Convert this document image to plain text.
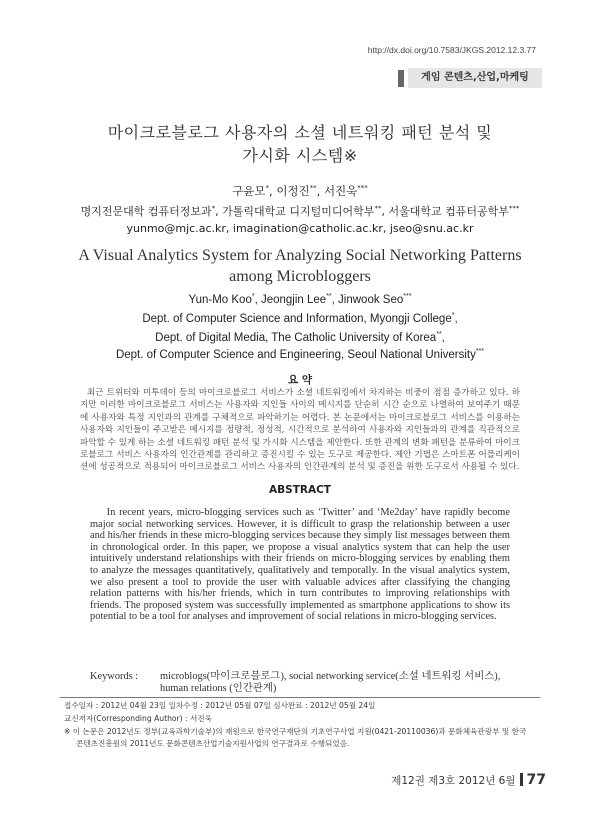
http://dx.doi.org/10.7583/JKGS.2012.12.3.77
게임 콘텐츠,산업,마케팅
마이크로블로그 사용자의 소셜 네트워킹 패턴 분석 및
가시화 시스템※
구윤모*, 이정진**, 서진욱***
명지전문대학 컴퓨터정보과*, 가톨릭대학교 디지털미디어학부**, 서울대학교 컴퓨터공학부***
yunmo@mjc.ac.kr, imagination@catholic.ac.kr, jseo@snu.ac.kr
A Visual Analytics System for Analyzing Social Networking Patterns among Microbloggers
Yun-Mo Koo*, Jeongjin Lee**, Jinwook Seo***
Dept. of Computer Science and Information, Myongji College*,
Dept. of Digital Media, The Catholic University of Korea**,
Dept. of Computer Science and Engineering, Seoul National University***
요 약
최근 트위터와 미투데이 등의 마이크로블로그 서비스가 소셜 네트워킹에서 차지하는 비중이 점점 증가하고 있다. 하지만 이러한 마이크로블로그 서비스는 사용자와 지인들 사이의 메시지를 단순히 시간 순으로 나열하여 보여주기 때문에 사용자와 특정 지인과의 관계를 구체적으로 파악하기는 어렵다. 본 논문에서는 마이크로블로그 서비스를 이용하는 사용자와 지인들이 주고받은 메시지를 정량적, 정성적, 시간적으로 분석하여 사용자와 지인들과의 관계를 직관적으로 파악할 수 있게 하는 소셜 네트워킹 패턴 분석 및 가시화 시스템을 제안한다. 또한 관계의 변화 패턴을 분류하여 마이크로블로그 서비스 사용자의 인간관계를 관리하고 증진시킬 수 있는 도구로 제공한다. 제안 기법은 스마트폰 어플리케이션에 성공적으로 적용되어 마이크로블로그 서비스 사용자의 인간관계의 분석 및 증진을 위한 도구로서 사용될 수 있다.
ABSTRACT
In recent years, micro-blogging services such as ‘Twitter’ and ‘Me2day’ have rapidly become major social networking services. However, it is difficult to grasp the relationship between a user and his/her friends in these micro-blogging services because they simply list messages between them in chronological order. In this paper, we propose a visual analytics system that can help the user intuitively understand relationships with their friends on micro-blogging services by enabling them to analyze the messages quantitatively, qualitatively and temporally. In the visual analytics system, we also present a tool to provide the user with valuable advices after classifying the changing relation patterns with his/her friends, which in turn contributes to improving relationships with friends. The proposed system was successfully implemented as smartphone applications to show its potential to be a tool for analyses and improvement of social relations in micro-blogging services.
Keywords : microblogs(마이크로블로그), social networking service(소셜 네트워킹 서비스),
human relations (인간관계)
접수일자 : 2012년 04월 23일 일차수정 : 2012년 05월 07일 심사완료 : 2012년 05월 24일
교신저자(Corresponding Author) : 서진욱
※ 이 논문은 2012년도 정부(교육과학기술부)의 재원으로 한국연구재단의 기초연구사업 지원(0421-20110036)과 문화체육관광부 및 한국
콘텐츠진흥원의 2011년도 문화콘텐츠산업기술지원사업의 연구결과로 수행되었음.
제12권 제3호 2012년 6월 77
